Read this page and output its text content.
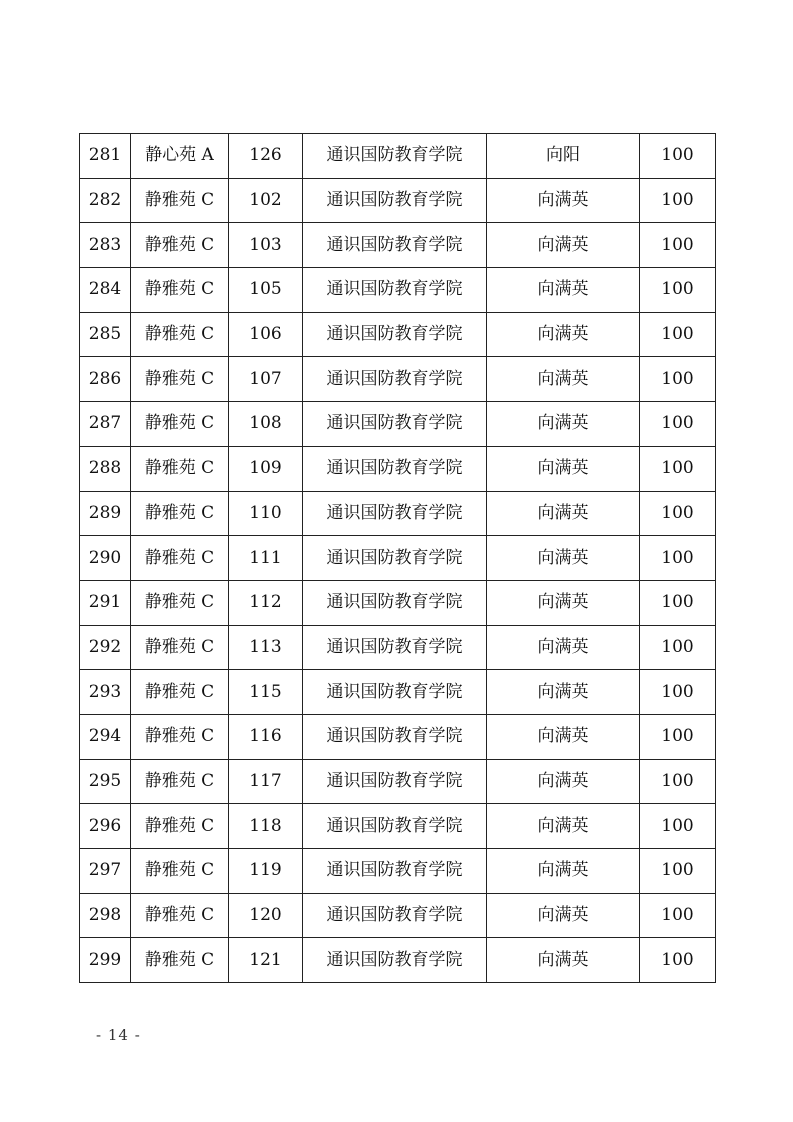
281	静心苑 A	126	通识国防教育学院	向阳	100
282	静雅苑 C	102	通识国防教育学院	向满英	100
283	静雅苑 C	103	通识国防教育学院	向满英	100
284	静雅苑 C	105	通识国防教育学院	向满英	100
285	静雅苑 C	106	通识国防教育学院	向满英	100
286	静雅苑 C	107	通识国防教育学院	向满英	100
287	静雅苑 C	108	通识国防教育学院	向满英	100
288	静雅苑 C	109	通识国防教育学院	向满英	100
289	静雅苑 C	110	通识国防教育学院	向满英	100
290	静雅苑 C	111	通识国防教育学院	向满英	100
291	静雅苑 C	112	通识国防教育学院	向满英	100
292	静雅苑 C	113	通识国防教育学院	向满英	100
293	静雅苑 C	115	通识国防教育学院	向满英	100
294	静雅苑 C	116	通识国防教育学院	向满英	100
295	静雅苑 C	117	通识国防教育学院	向满英	100
296	静雅苑 C	118	通识国防教育学院	向满英	100
297	静雅苑 C	119	通识国防教育学院	向满英	100
298	静雅苑 C	120	通识国防教育学院	向满英	100
299	静雅苑 C	121	通识国防教育学院	向满英	100
- 14 -
